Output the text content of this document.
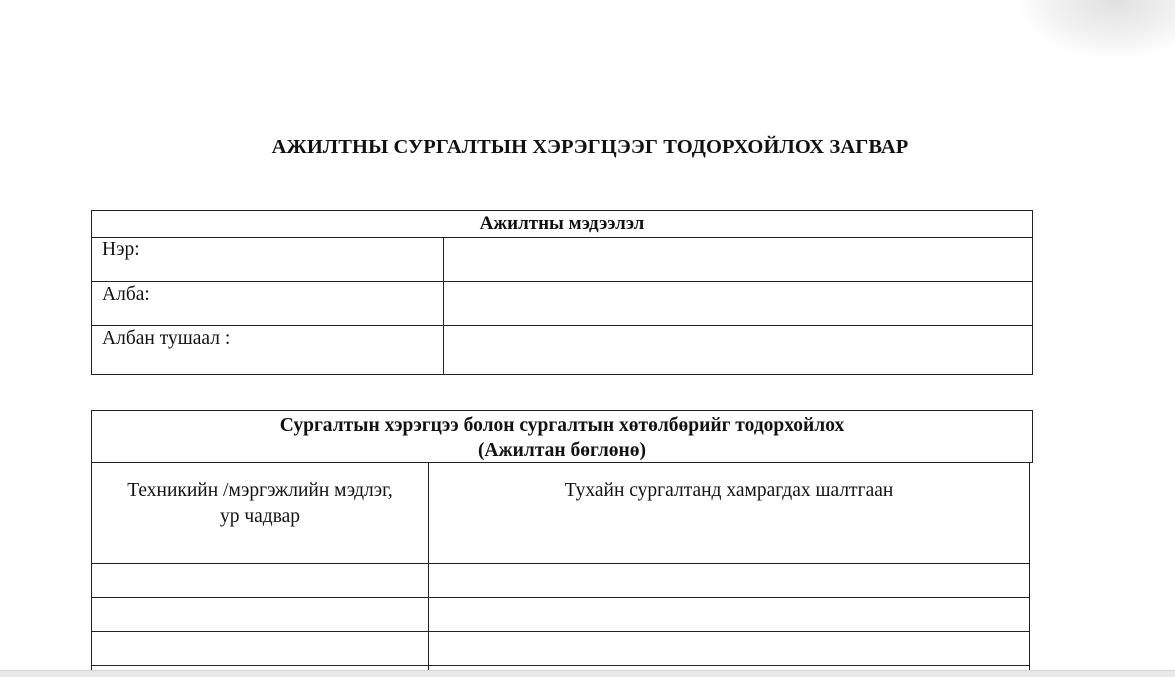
АЖИЛТНЫ СУРГАЛТЫН ХЭРЭГЦЭЭГ ТОДОРХОЙЛОХ ЗАГВАР
Ажилтны мэдээлэл
Нэр:
Алба:
Албан тушаал :
Сургалтын хэрэгцээ болон сургалтын хөтөлбөрийг тодорхойлох
(Ажилтан бөглөнө)
Техникийн /мэргэжлийн мэдлэг,
ур чадвар
Тухайн сургалтанд хамрагдах шалтгаан
